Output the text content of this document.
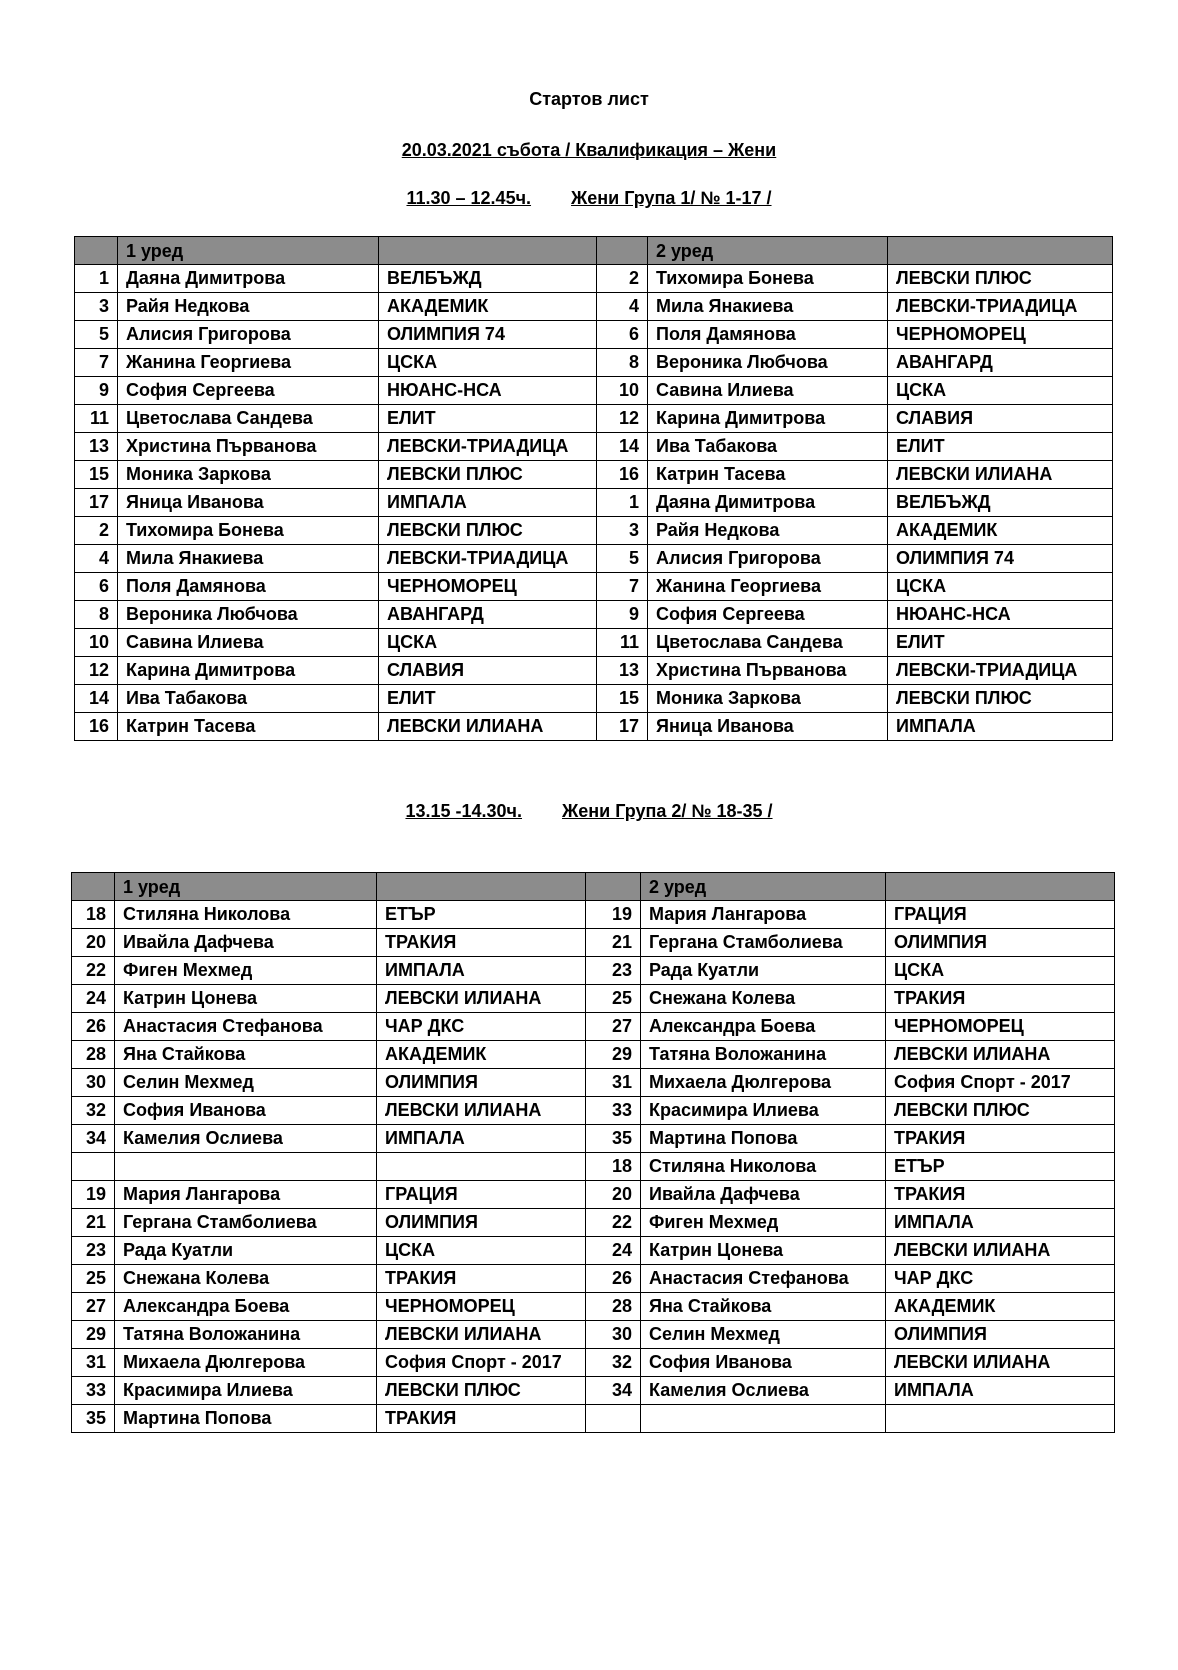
Стартов лист
20.03.2021 събота / Квалификация – Жени
11.30 – 12.45ч. Жени Група 1/ № 1-17 /
	1 уред			2 уред	
1	Даяна Димитрова	ВЕЛБЪЖД	2	Тихомира Бонева	ЛЕВСКИ ПЛЮС
3	Райя Недкова	АКАДЕМИК	4	Мила Янакиева	ЛЕВСКИ-ТРИАДИЦА
5	Алисия Григорова	ОЛИМПИЯ 74	6	Поля Дамянова	ЧЕРНОМОРЕЦ
7	Жанина Георгиева	ЦСКА	8	Вероника Любчова	АВАНГАРД
9	София Сергеева	НЮАНС-НСА	10	Савина Илиева	ЦСКА
11	Цветослава Сандева	ЕЛИТ	12	Карина Димитрова	СЛАВИЯ
13	Христина Първанова	ЛЕВСКИ-ТРИАДИЦА	14	Ива Табакова	ЕЛИТ
15	Моника Заркова	ЛЕВСКИ ПЛЮС	16	Катрин Тасева	ЛЕВСКИ ИЛИАНА
17	Яница Иванова	ИМПАЛА	1	Даяна Димитрова	ВЕЛБЪЖД
2	Тихомира Бонева	ЛЕВСКИ ПЛЮС	3	Райя Недкова	АКАДЕМИК
4	Мила Янакиева	ЛЕВСКИ-ТРИАДИЦА	5	Алисия Григорова	ОЛИМПИЯ 74
6	Поля Дамянова	ЧЕРНОМОРЕЦ	7	Жанина Георгиева	ЦСКА
8	Вероника Любчова	АВАНГАРД	9	София Сергеева	НЮАНС-НСА
10	Савина Илиева	ЦСКА	11	Цветослава Сандева	ЕЛИТ
12	Карина Димитрова	СЛАВИЯ	13	Христина Първанова	ЛЕВСКИ-ТРИАДИЦА
14	Ива Табакова	ЕЛИТ	15	Моника Заркова	ЛЕВСКИ ПЛЮС
16	Катрин Тасева	ЛЕВСКИ ИЛИАНА	17	Яница Иванова	ИМПАЛА
13.15 -14.30ч. Жени Група 2/ № 18-35 /
	1 уред			2 уред	
18	Стиляна Николова	ЕТЪР	19	Мария Лангарова	ГРАЦИЯ
20	Ивайла Дафчева	ТРАКИЯ	21	Гергана Стамболиева	ОЛИМПИЯ
22	Фиген Мехмед	ИМПАЛА	23	Рада Куатли	ЦСКА
24	Катрин Цонева	ЛЕВСКИ ИЛИАНА	25	Снежана Колева	ТРАКИЯ
26	Анастасия Стефанова	ЧАР ДКС	27	Александра Боева	ЧЕРНОМОРЕЦ
28	Яна Стайкова	АКАДЕМИК	29	Татяна Воложанина	ЛЕВСКИ ИЛИАНА
30	Селин Мехмед	ОЛИМПИЯ	31	Михаела Дюлгерова	София Спорт - 2017
32	София Иванова	ЛЕВСКИ ИЛИАНА	33	Красимира Илиева	ЛЕВСКИ ПЛЮС
34	Камелия Ослиева	ИМПАЛА	35	Мартина Попова	ТРАКИЯ
			18	Стиляна Николова	ЕТЪР
19	Мария Лангарова	ГРАЦИЯ	20	Ивайла Дафчева	ТРАКИЯ
21	Гергана Стамболиева	ОЛИМПИЯ	22	Фиген Мехмед	ИМПАЛА
23	Рада Куатли	ЦСКА	24	Катрин Цонева	ЛЕВСКИ ИЛИАНА
25	Снежана Колева	ТРАКИЯ	26	Анастасия Стефанова	ЧАР ДКС
27	Александра Боева	ЧЕРНОМОРЕЦ	28	Яна Стайкова	АКАДЕМИК
29	Татяна Воложанина	ЛЕВСКИ ИЛИАНА	30	Селин Мехмед	ОЛИМПИЯ
31	Михаела Дюлгерова	София Спорт - 2017	32	София Иванова	ЛЕВСКИ ИЛИАНА
33	Красимира Илиева	ЛЕВСКИ ПЛЮС	34	Камелия Ослиева	ИМПАЛА
35	Мартина Попова	ТРАКИЯ			
